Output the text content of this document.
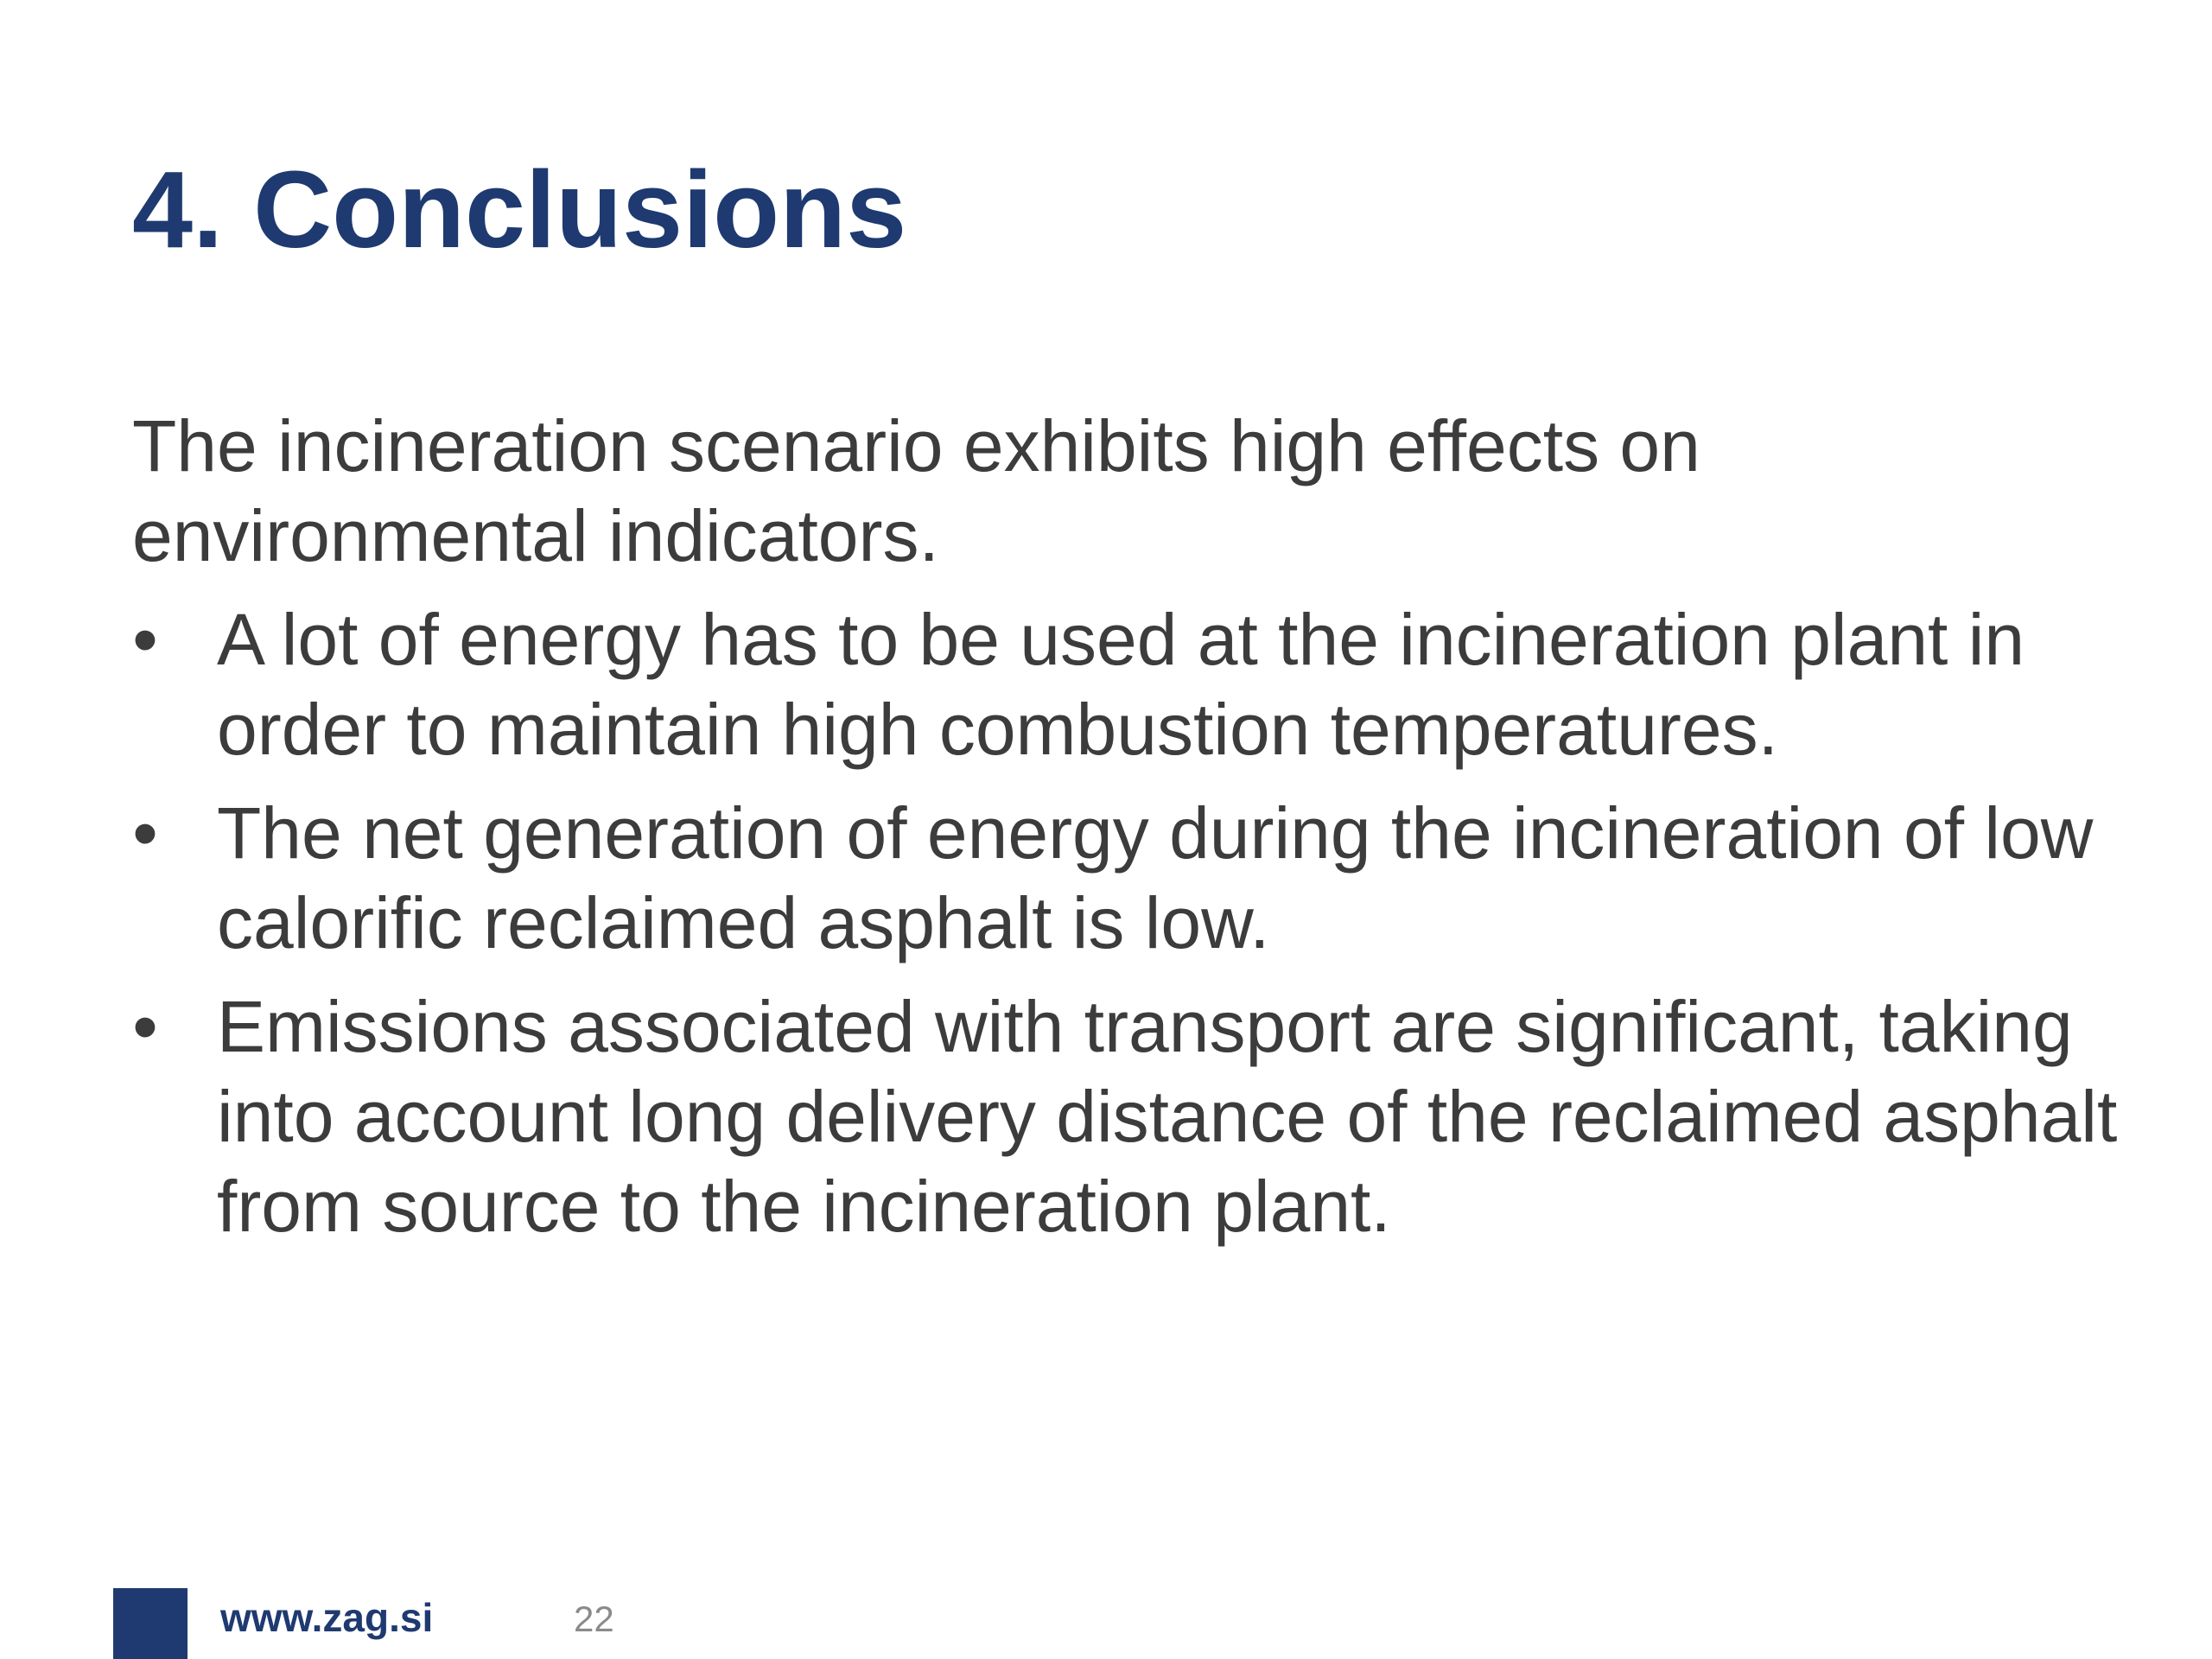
4. Conclusions

The incineration scenario exhibits high effects on environmental indicators.

• A lot of energy has to be used at the incineration plant in order to maintain high combustion temperatures.
• The net generation of energy during the incineration of low calorific reclaimed asphalt is low.
• Emissions associated with transport are significant, taking into account long delivery distance of the reclaimed asphalt from source to the incineration plant.
www.zag.si	22
